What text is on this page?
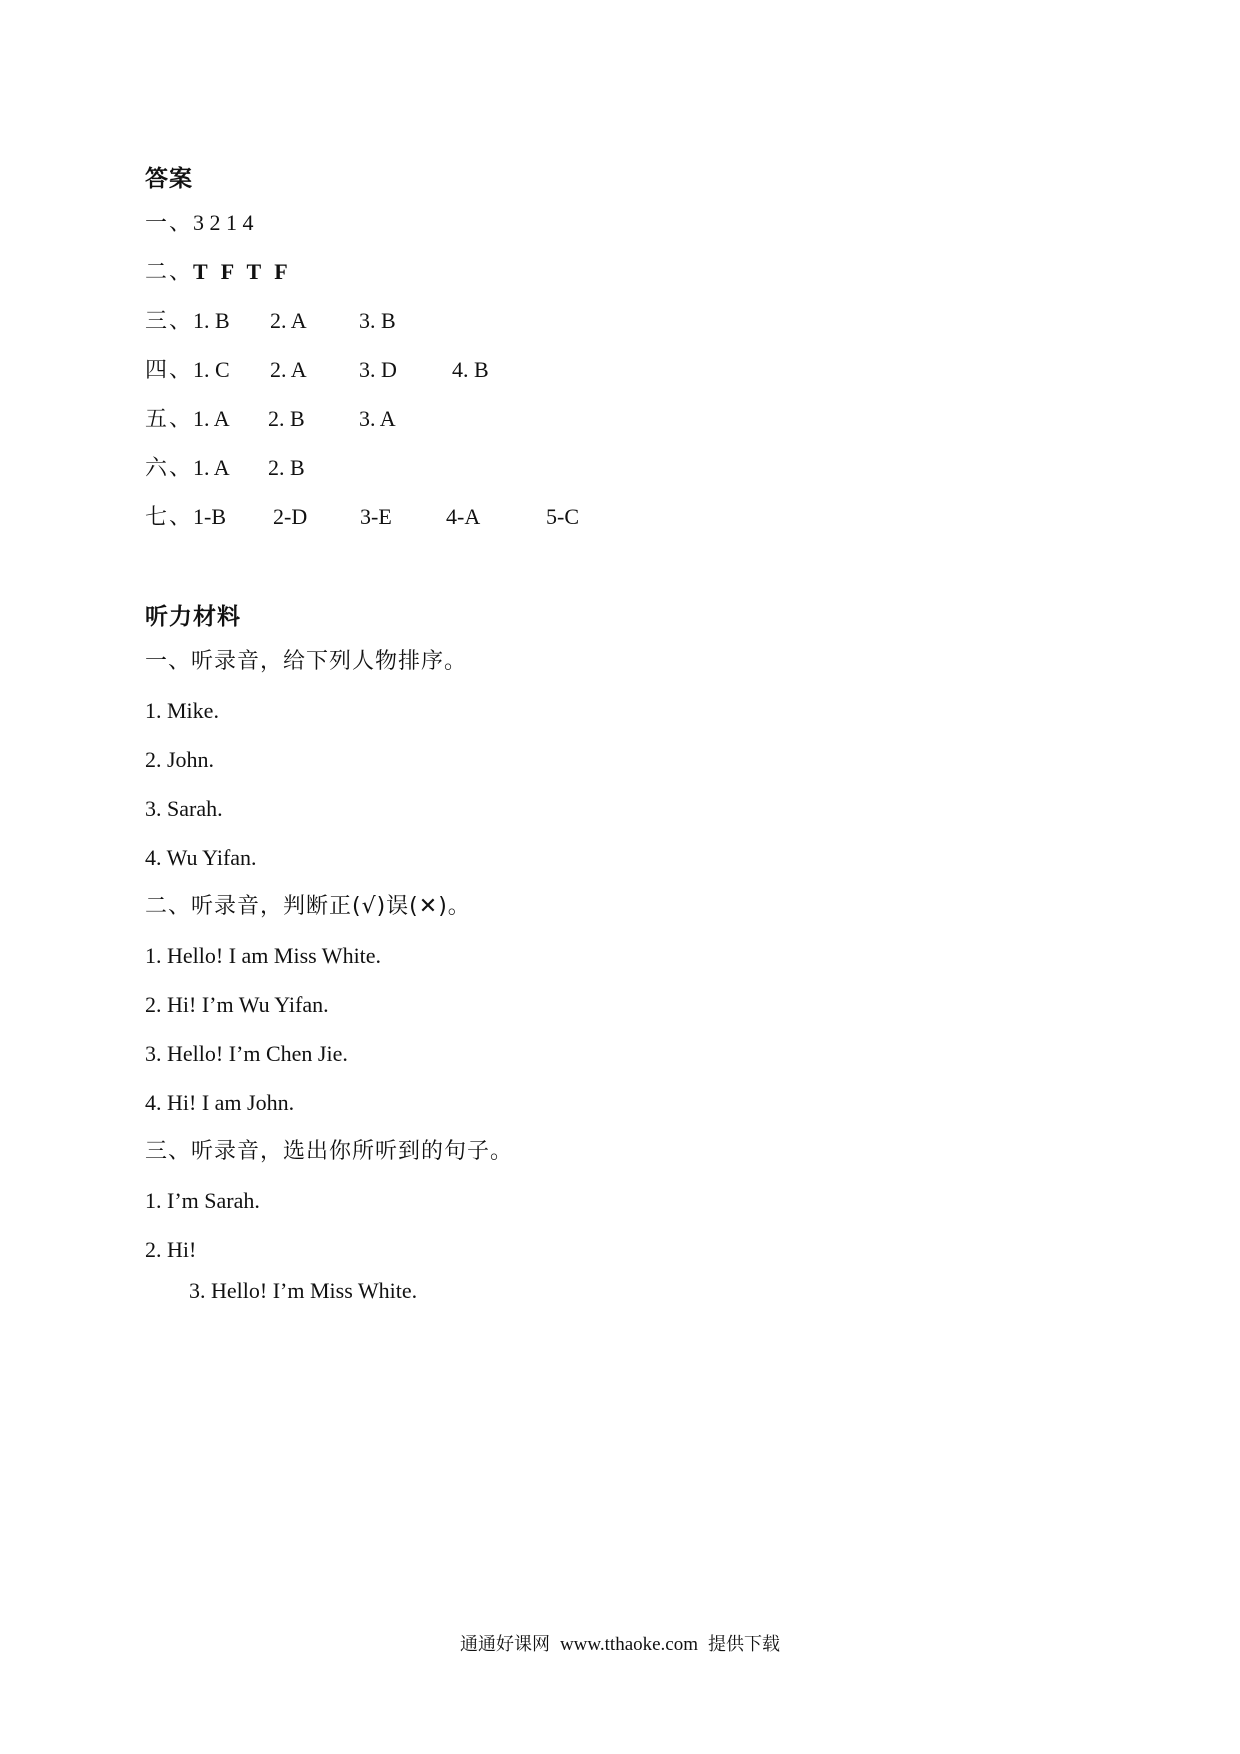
答案
一、3 2 1 4
二、T F T F
三、1. B 2. A 3. B
四、1. C 2. A 3. D	4. B
五、1. A 2. B 3. A
六、1. A 2. B
七、1-B 2-D 3-E 4-A	5-C
听力材料
一、听录音，给下列人物排序。
1. Mike.
2. John.
3. Sarah.
4. Wu Yifan.
二、听录音，判断正(√)误(✕)。
1. Hello! I am Miss White.
2. Hi! I’m Wu Yifan.
3. Hello! I’m Chen Jie.
4. Hi! I am John.
三、听录音，选出你所听到的句子。
1. I’m Sarah.
2. Hi!
3. Hello! I’m Miss White.
通通好课网 www.tthaoke.com 提供下载
